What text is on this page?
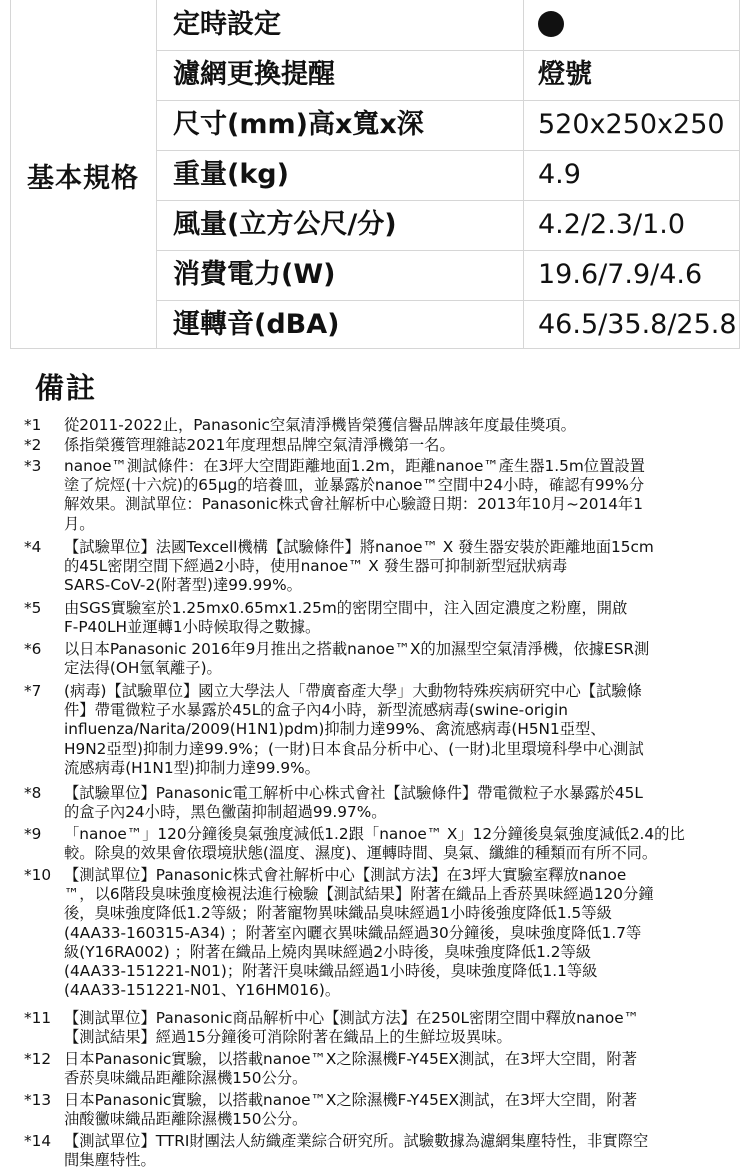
基本規格
定時設定
濾網更換提醒	燈號
尺寸(mm)高x寬x深	520x250x250
重量(kg)	4.9
風量(立方公尺/分)	4.2/2.3/1.0
消費電力(W)	19.6/7.9/4.6
運轉音(dBA)	46.5/35.8/25.8
備註
*1	從2011-2022止，Panasonic空氣清淨機皆榮獲信譽品牌該年度最佳獎項。
*2	係指榮獲管理雜誌2021年度理想品牌空氣清淨機第一名。
*3	nanoe™測試條件：在3坪大空間距離地面1.2m，距離nanoe™產生器1.5m位置設置
塗了烷烴(十六烷)的65μg的培養皿，並暴露於nanoe™空間中24小時，確認有99%分
解效果。測試單位：Panasonic株式會社解析中心驗證日期：2013年10月~2014年1
月。
*4	【試驗單位】法國Texcell機構【試驗條件】將nanoe™ X 發生器安裝於距離地面15cm
的45L密閉空間下經過2小時，使用nanoe™ X 發生器可抑制新型冠狀病毒
SARS-CoV-2(附著型)達99.99%。
*5	由SGS實驗室於1.25mx0.65mx1.25m的密閉空間中，注入固定濃度之粉塵，開啟
F-P40LH並運轉1小時候取得之數據。
*6	以日本Panasonic 2016年9月推出之搭載nanoe™X的加濕型空氣清淨機，依據ESR測
定法得(OH氫氧離子)。
*7	(病毒)【試驗單位】國立大學法人「帶廣畜產大學」大動物特殊疾病研究中心【試驗條
件】帶電微粒子水暴露於45L的盒子內4小時，新型流感病毒(swine-origin
influenza/Narita/2009(H1N1)pdm)抑制力達99%、禽流感病毒(H5N1亞型、
H9N2亞型)抑制力達99.9%；(一財)日本食品分析中心、(一財)北里環境科學中心測試
流感病毒(H1N1型)抑制力達99.9%。
*8	【試驗單位】Panasonic電工解析中心株式會社【試驗條件】帶電微粒子水暴露於45L
的盒子內24小時，黑色黴菌抑制超過99.97%。
*9	「nanoe™」120分鐘後臭氣強度減低1.2跟「nanoe™ X」12分鐘後臭氣強度減低2.4的比
較。除臭的效果會依環境狀態(溫度、濕度)、運轉時間、臭氣、纖維的種類而有所不同。
*10 【測試單位】Panasonic株式會社解析中心【測試方法】在3坪大實驗室釋放nanoe
™，以6階段臭味強度檢視法進行檢驗【測試結果】附著在織品上香菸異味經過120分鐘
後，臭味強度降低1.2等級；附著寵物異味織品臭味經過1小時後強度降低1.5等級
(4AA33-160315-A34) ；附著室內曬衣異味織品經過30分鐘後，臭味強度降低1.7等
級(Y16RA002) ；附著在織品上燒肉異味經過2小時後，臭味強度降低1.2等級
(4AA33-151221-N01)；附著汗臭味織品經過1小時後，臭味強度降低1.1等級
(4AA33-151221-N01、Y16HM016)。
*11 【測試單位】Panasonic商品解析中心【測試方法】在250L密閉空間中釋放nanoe™
【測試結果】經過15分鐘後可消除附著在織品上的生鮮垃圾異味。
*12 日本Panasonic實驗，以搭載nanoe™X之除濕機F-Y45EX測試，在3坪大空間，附著
香菸臭味織品距離除濕機150公分。
*13 日本Panasonic實驗，以搭載nanoe™X之除濕機F-Y45EX測試，在3坪大空間，附著
油酸黴味織品距離除濕機150公分。
*14 【測試單位】TTRI財團法人紡織產業綜合研究所。試驗數據為濾網集塵特性，非實際空
間集塵特性。
